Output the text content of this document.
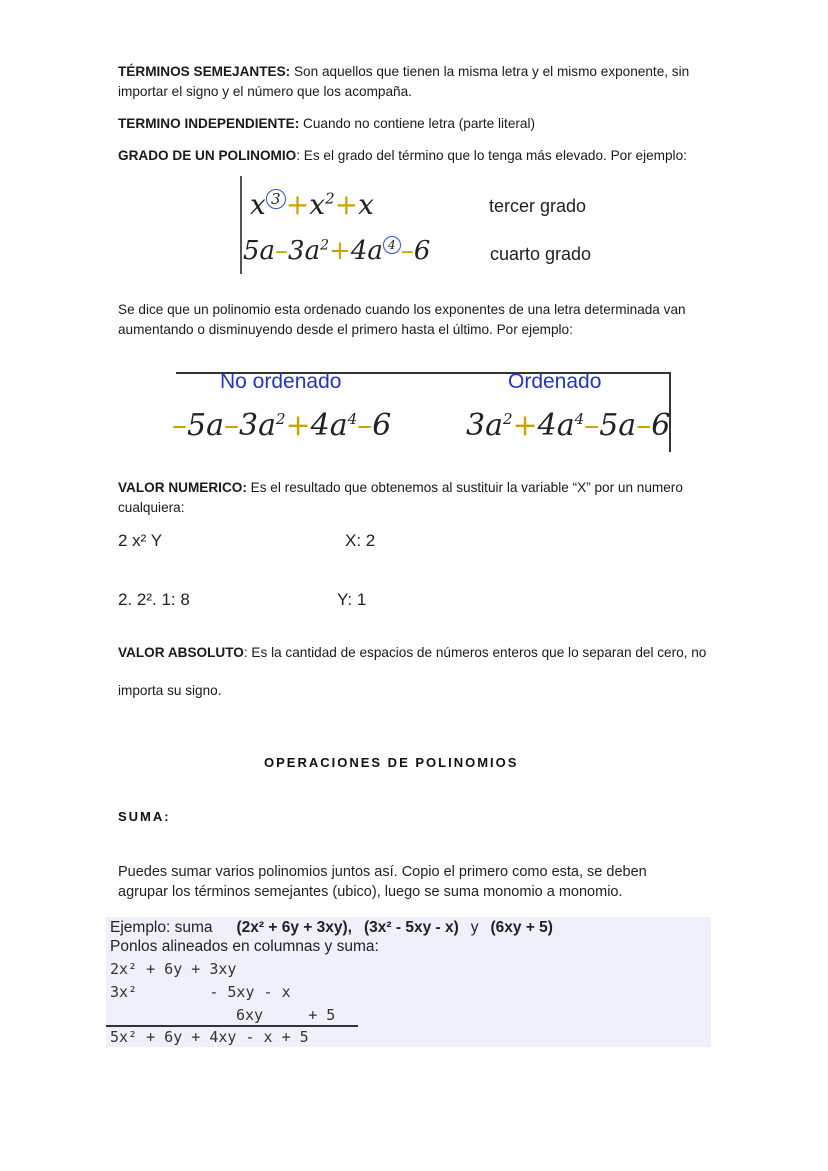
TÉRMINOS SEMEJANTES: Son aquellos que tienen la misma letra y el mismo exponente, sin
importar el signo y el número que los acompaña.
TERMINO INDEPENDIENTE: Cuando no contiene letra (parte literal)
GRADO DE UN POLINOMIO: Es el grado del término que lo tenga más elevado. Por ejemplo:
x $^3 +x^2+x$	tercer grado
$5a-3a^2+4a$ $^4$ –6	cuarto grado
Se dice que un polinomio esta ordenado cuando los exponentes de una letra determinada van
aumentando o disminuyendo desde el primero hasta el último. Por ejemplo:
No ordenado	Ordenado
$-5a-3a^2+4a^4-6$ $3a^2+4a^4-5a-6$
VALOR NUMERICO: Es el resultado que obtenemos al sustituir la variable “X” por un numero
cualquiera:
2 x² Y	X: 2
2. 2². 1: 8	Y: 1
VALOR ABSOLUTO: Es la cantidad de espacios de números enteros que lo separan del cero, no
importa su signo.
OPERACIONES DE POLINOMIOS
SUMA:
Puedes sumar varios polinomios juntos así. Copio el primero como esta, se deben
agrupar los términos semejantes (ubico), luego se suma monomio a monomio.
Ejemplo: suma (2x² + 6y + 3xy), (3x² - 5xy - x) y (6xy + 5)
Ponlos alineados en columnas y suma:
2x² + 6y + 3xy
3x²        - 5xy - x
6xy     + 5
5x² + 6y + 4xy - x + 5
